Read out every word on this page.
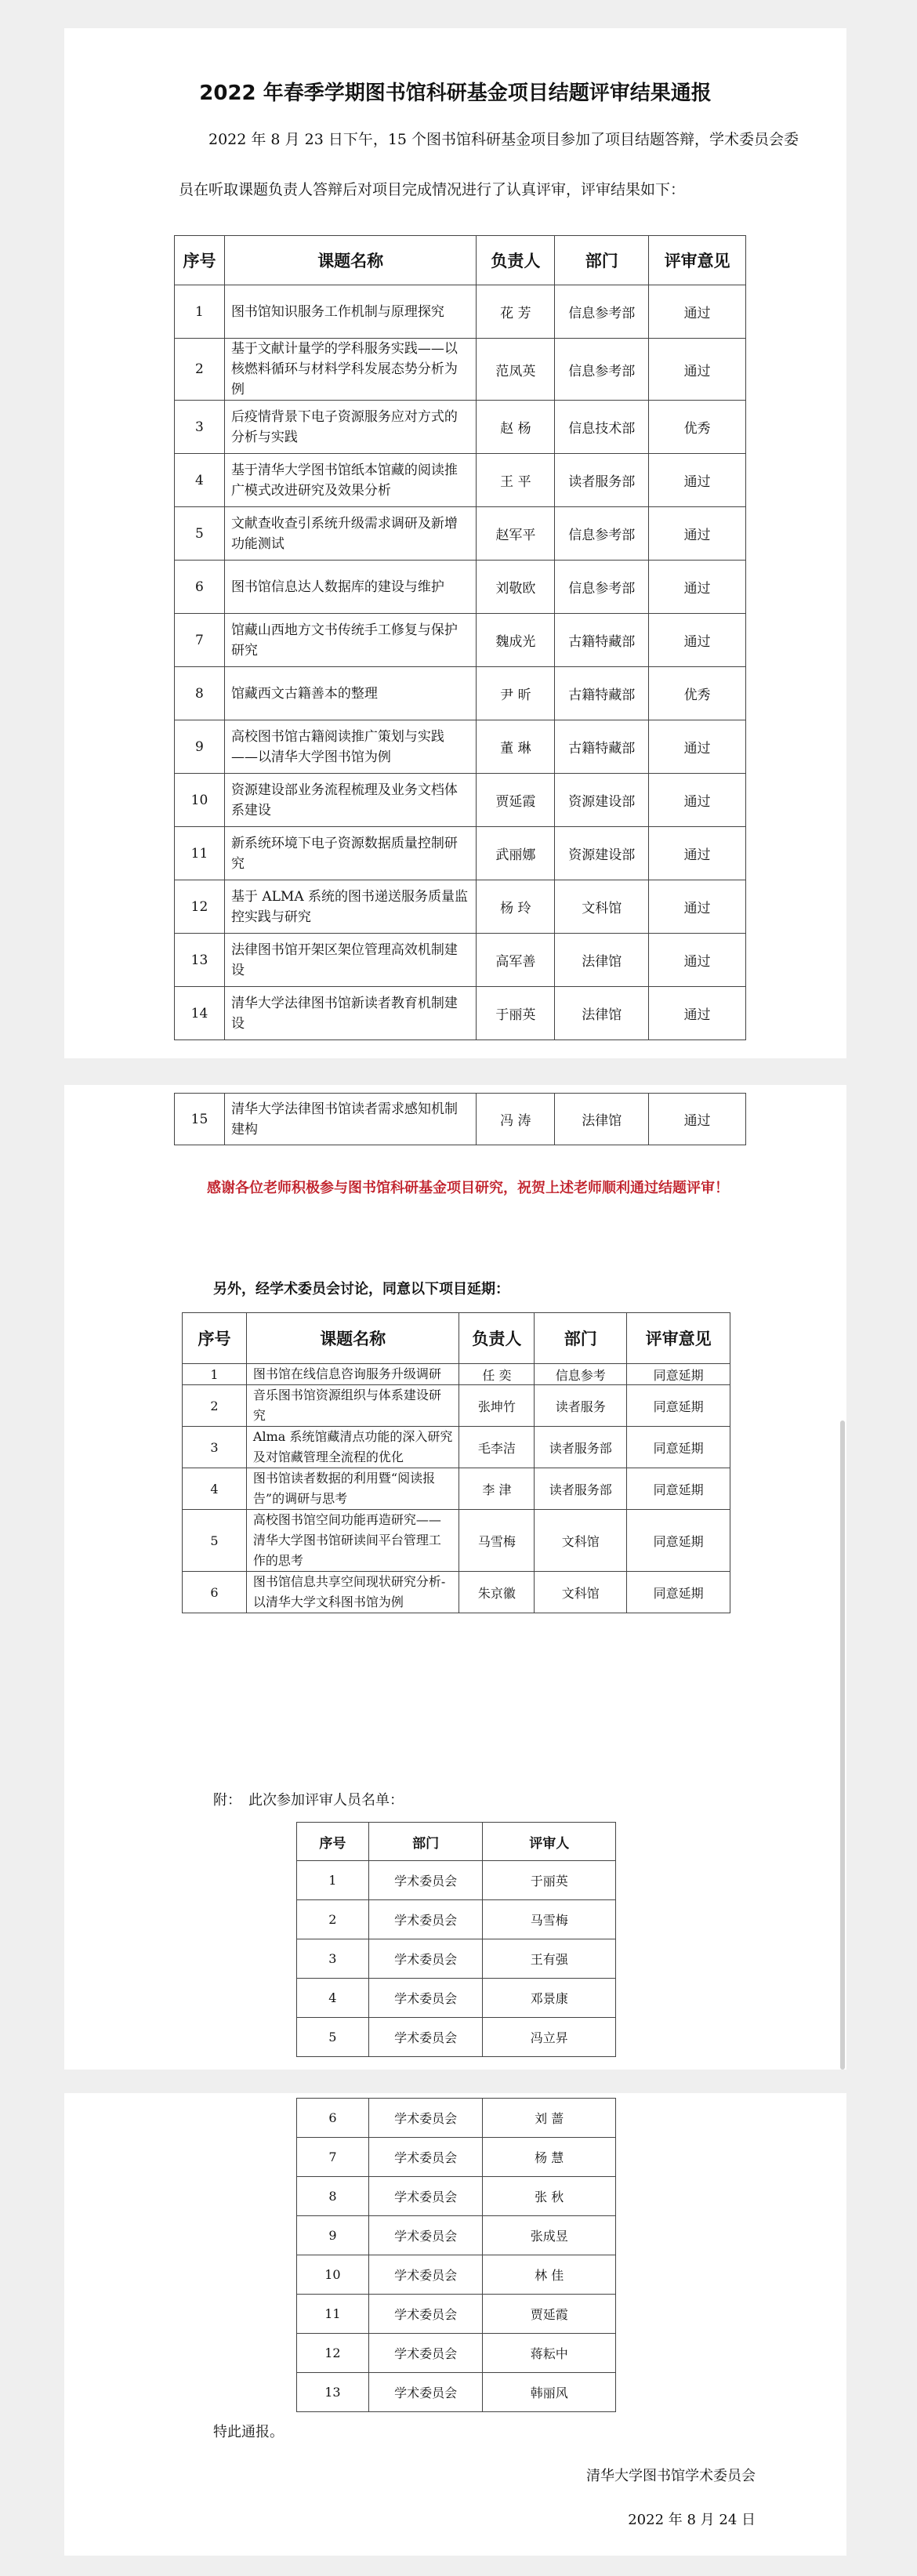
2022 年春季学期图书馆科研基金项目结题评审结果通报
2022 年 8 月 23 日下午，15 个图书馆科研基金项目参加了项目结题答辩，学术委员会委员在听取课题负责人答辩后对项目完成情况进行了认真评审，评审结果如下：
序号	课题名称	负责人	部门	评审意见
1	图书馆知识服务工作机制与原理探究	花 芳	信息参考部	通过
2	基于文献计量学的学科服务实践——以核燃料循环与材料学科发展态势分析为例	范凤英	信息参考部	通过
3	后疫情背景下电子资源服务应对方式的分析与实践	赵 杨	信息技术部	优秀
4	基于清华大学图书馆纸本馆藏的阅读推广模式改进研究及效果分析	王 平	读者服务部	通过
5	文献查收查引系统升级需求调研及新增功能测试	赵军平	信息参考部	通过
6	图书馆信息达人数据库的建设与维护	刘敬欧	信息参考部	通过
7	馆藏山西地方文书传统手工修复与保护研究	魏成光	古籍特藏部	通过
8	馆藏西文古籍善本的整理	尹 昕	古籍特藏部	优秀
9	高校图书馆古籍阅读推广策划与实践——以清华大学图书馆为例	董 琳	古籍特藏部	通过
10	资源建设部业务流程梳理及业务文档体系建设	贾延霞	资源建设部	通过
11	新系统环境下电子资源数据质量控制研究	武丽娜	资源建设部	通过
12	基于 ALMA 系统的图书递送服务质量监控实践与研究	杨 玲	文科馆	通过
13	法律图书馆开架区架位管理高效机制建设	高军善	法律馆	通过
14	清华大学法律图书馆新读者教育机制建设	于丽英	法律馆	通过
15	清华大学法律图书馆读者需求感知机制建构	冯 涛	法律馆	通过
感谢各位老师积极参与图书馆科研基金项目研究，祝贺上述老师顺利通过结题评审！
另外，经学术委员会讨论，同意以下项目延期：
序号	课题名称	负责人	部门	评审意见
1	图书馆在线信息咨询服务升级调研	任 奕	信息参考	同意延期
2	音乐图书馆资源组织与体系建设研究	张坤竹	读者服务	同意延期
3	Alma 系统馆藏清点功能的深入研究及对馆藏管理全流程的优化	毛李洁	读者服务部	同意延期
4	图书馆读者数据的利用暨“阅读报告”的调研与思考	李 津	读者服务部	同意延期
5	高校图书馆空间功能再造研究——清华大学图书馆研读间平台管理工作的思考	马雪梅	文科馆	同意延期
6	图书馆信息共享空间现状研究分析-以清华大学文科图书馆为例	朱京徽	文科馆	同意延期
附：　此次参加评审人员名单：
序号	部门	评审人
1	学术委员会	于丽英
2	学术委员会	马雪梅
3	学术委员会	王有强
4	学术委员会	邓景康
5	学术委员会	冯立昇
6	学术委员会	刘 蔷
7	学术委员会	杨 慧
8	学术委员会	张 秋
9	学术委员会	张成昱
10	学术委员会	林 佳
11	学术委员会	贾延霞
12	学术委员会	蒋耘中
13	学术委员会	韩丽风
特此通报。
清华大学图书馆学术委员会
2022 年 8 月 24 日
